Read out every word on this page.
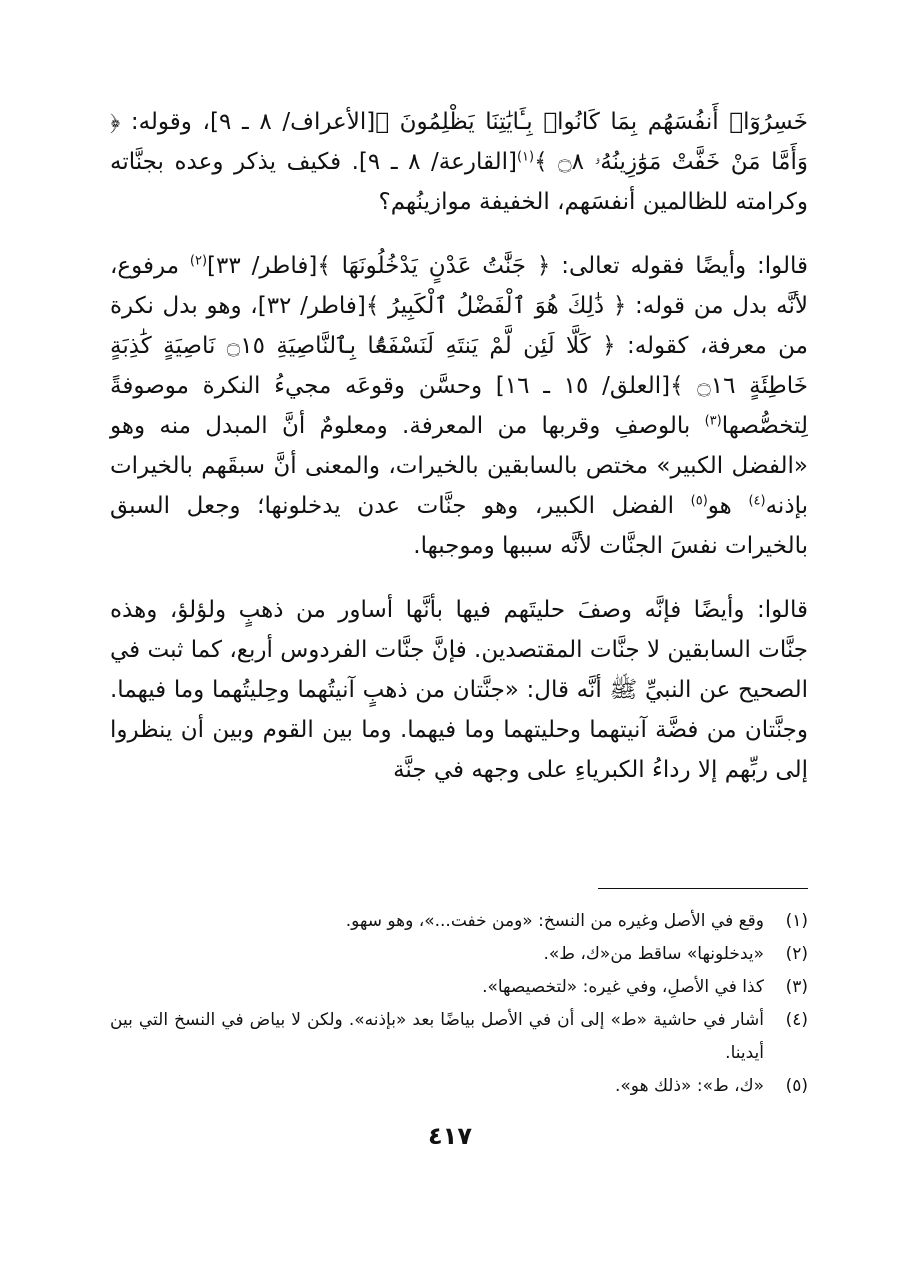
خَسِرُوٓا۟ أَنفُسَهُم بِمَا كَانُوا۟ بِـَٔايَٰتِنَا يَظْلِمُونَ ﴾[الأعراف/ ٨ ـ ٩]، وقوله: ﴿ وَأَمَّا مَنْ خَفَّتْ مَوَٰزِينُهُۥ ۝٨ ﴾$^{(١)}$[القارعة/ ٨ ـ ٩]. فكيف يذكر وعده بجنَّاته وكرامته للظالمين أنفسَهم، الخفيفة موازينُهم؟

قالوا: وأيضًا فقوله تعالى: ﴿ جَنَّٰتُ عَدْنٍ يَدْخُلُونَهَا ﴾[فاطر/ ٣٣]$^{(٢)}$ مرفوع، لأنَّه بدل من قوله: ﴿ ذَٰلِكَ هُوَ ٱلْفَضْلُ ٱلْكَبِيرُ ﴾[فاطر/ ٣٢]، وهو بدل نكرة من معرفة، كقوله: ﴿ كَلَّا لَئِن لَّمْ يَنتَهِ لَنَسْفَعًۢا بِٱلنَّاصِيَةِ ۝١٥ نَاصِيَةٍ كَٰذِبَةٍ خَاطِئَةٍ ۝١٦ ﴾[العلق/ ١٥ ـ ١٦] وحسَّن وقوعَه مجيءُ النكرة موصوفةً لِتخصُّصها$^{(٣)}$ بالوصفِ وقربها من المعرفة. ومعلومٌ أنَّ المبدل منه وهو «الفضل الكبير» مختص بالسابقين بالخيرات، والمعنى أنَّ سبقَهم بالخيرات بإذنه$^{(٤)}$ هو$^{(٥)}$ الفضل الكبير، وهو جنَّات عدن يدخلونها؛ وجعل السبق بالخيرات نفسَ الجنَّات لأنَّه سببها وموجبها.

قالوا: وأيضًا فإنَّه وصفَ حليتَهم فيها بأنَّها أساور من ذهبٍ ولؤلؤ، وهذه جنَّات السابقين لا جنَّات المقتصدين. فإنَّ جنَّات الفردوس أربع، كما ثبت في الصحيح عن النبيِّ ﷺ أنَّه قال: «جنَّتان من ذهبٍ آنيتُهما وحِليتُهما وما فيهما. وجنَّتان من فضَّة آنيتهما وحليتهما وما فيهما. وما بين القوم وبين أن ينظروا إلى ربِّهم إلا رداءُ الكبرياءِ على وجهه في جنَّة

(١)
وقع في الأصل وغيره من النسخ: «ومن خفت...»، وهو سهو.
(٢)
«يدخلونها» ساقط من«ك، ط».
(٣)
كذا في الأصلِ، وفي غيره: «لتخصيصها».
(٤)
أشار في حاشية «ط» إلى أن في الأصل بياضًا بعد «بإذنه». ولكن لا بياض في النسخ التي بين أيدينا.
(٥)
«ك، ط»: «ذلك هو».
٤١٧
